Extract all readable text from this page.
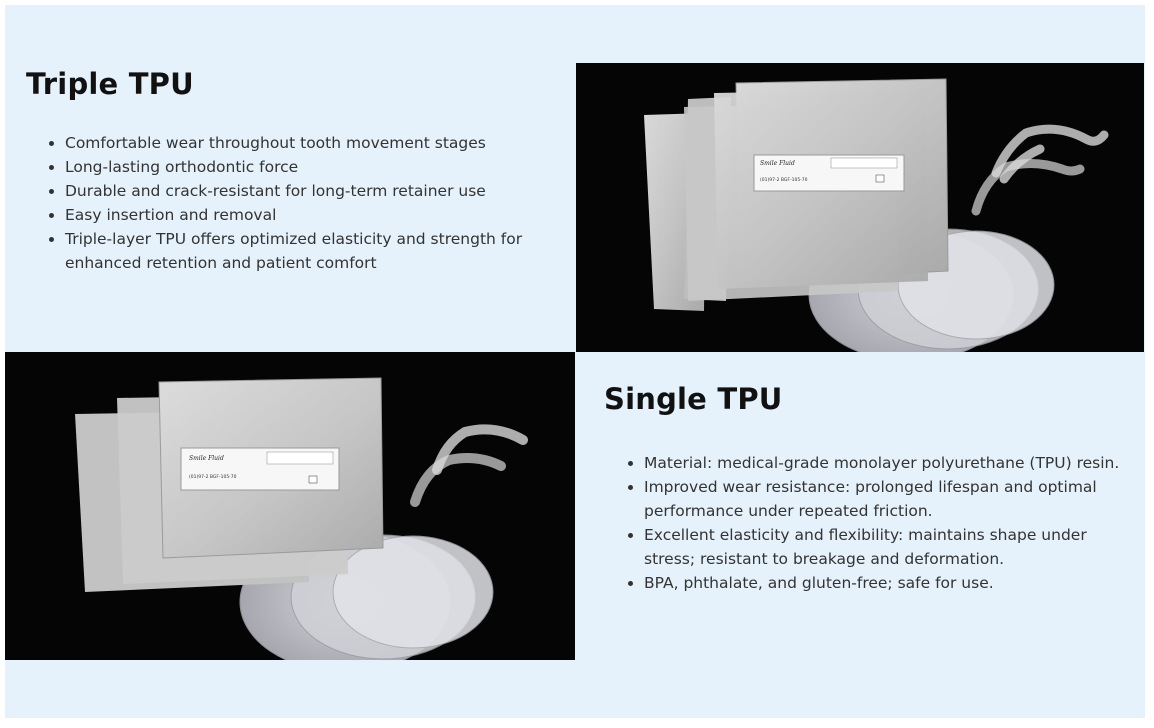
Triple TPU
• Comfortable wear throughout tooth movement stages
• Long-lasting orthodontic force
• Durable and crack-resistant for long-term retainer use
• Easy insertion and removal
• Triple-layer TPU offers optimized elasticity and strength for enhanced retention and patient comfort
Smile Fluid
(01)97-2 BGF-105-70
Smile Fluid
(01)97-2 BGF-105-70
Single TPU
• Material: medical-grade monolayer polyurethane (TPU) resin.
• Improved wear resistance: prolonged lifespan and optimal performance under repeated friction.
• Excellent elasticity and flexibility: maintains shape under stress; resistant to breakage and deformation.
• BPA, phthalate, and gluten-free; safe for use.
